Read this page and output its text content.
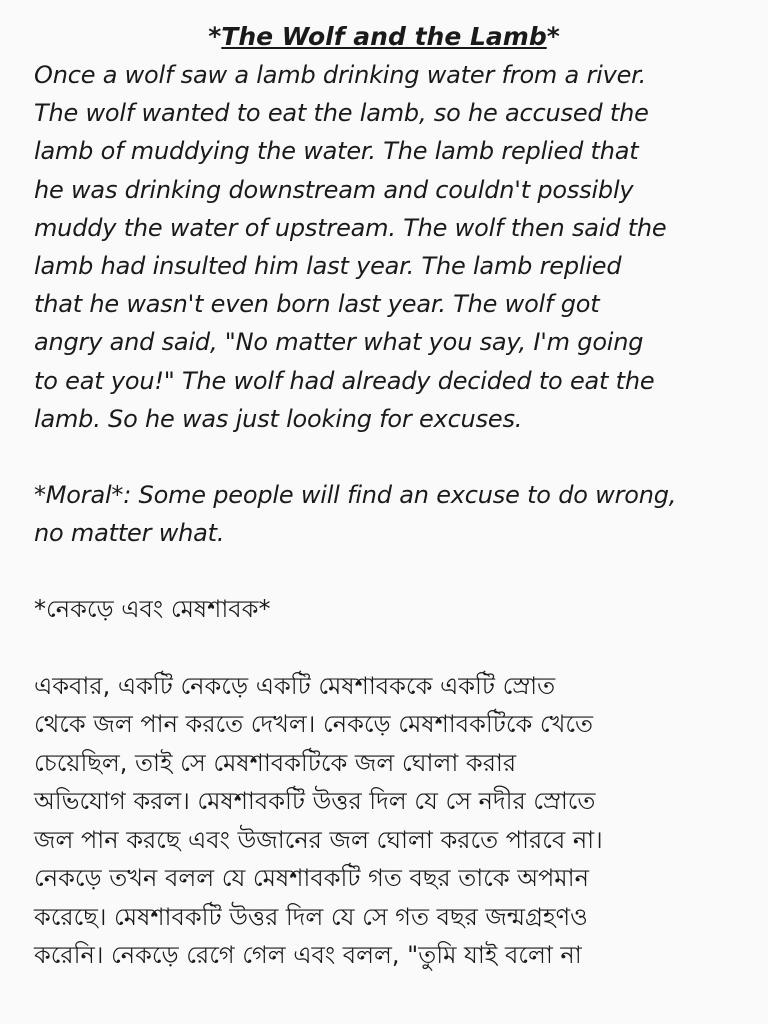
*The Wolf and the Lamb*

Once a wolf saw a lamb drinking water from a river.

The wolf wanted to eat the lamb, so he accused the

lamb of muddying the water. The lamb replied that

he was drinking downstream and couldn't possibly

muddy the water of upstream. The wolf then said the

lamb had insulted him last year. The lamb replied

that he wasn't even born last year. The wolf got

angry and said, "No matter what you say, I'm going

to eat you!" The wolf had already decided to eat the

lamb. So he was just looking for excuses.

*Moral*: Some people will find an excuse to do wrong,

no matter what.

*নেকড়ে এবং মেষশাবক*

একবার, একটি নেকড়ে একটি মেষশাবককে একটি স্রোত

থেকে জল পান করতে দেখল। নেকড়ে মেষশাবকটিকে খেতে

চেয়েছিল, তাই সে মেষশাবকটিকে জল ঘোলা করার

অভিযোগ করল। মেষশাবকটি উত্তর দিল যে সে নদীর স্রোতে

জল পান করছে এবং উজানের জল ঘোলা করতে পারবে না।

নেকড়ে তখন বলল যে মেষশাবকটি গত বছর তাকে অপমান

করেছে। মেষশাবকটি উত্তর দিল যে সে গত বছর জন্মগ্রহণও

করেনি। নেকড়ে রেগে গেল এবং বলল, "তুমি যাই বলো না
